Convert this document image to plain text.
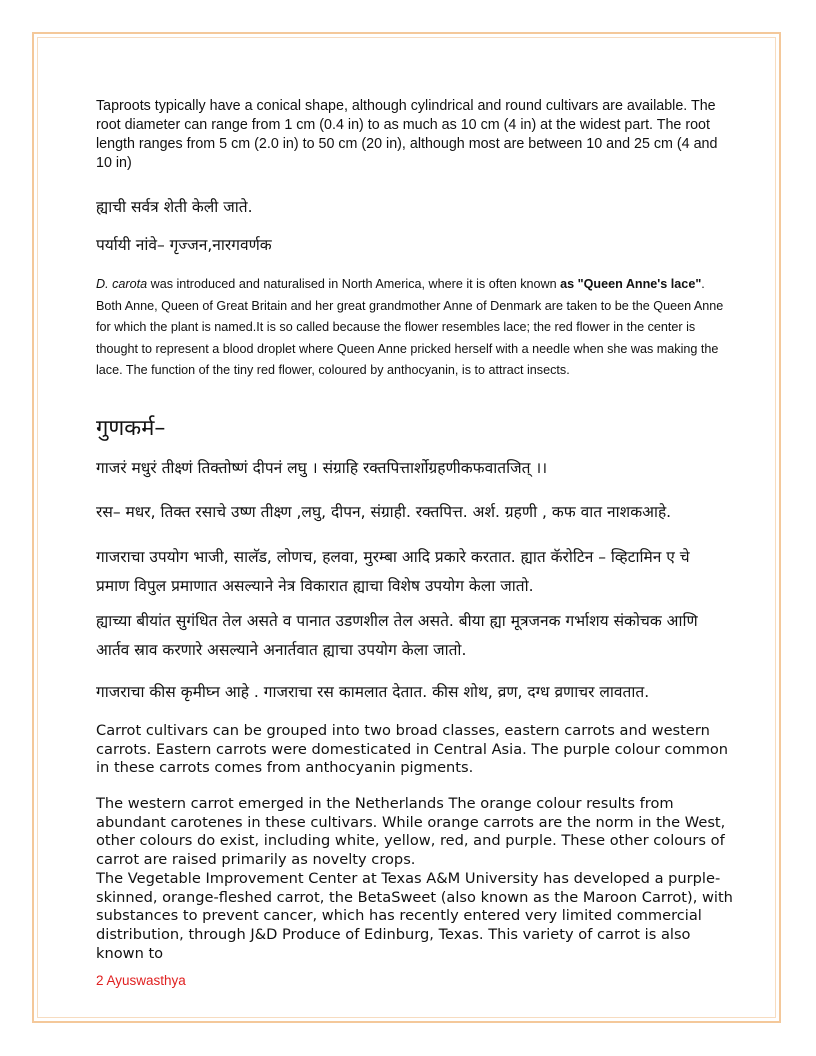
Taproots typically have a conical shape, although cylindrical and round cultivars are available. The root diameter can range from 1 cm (0.4 in) to as much as 10 cm (4 in) at the widest part. The root length ranges from 5 cm (2.0 in) to 50 cm (20 in), although most are between 10 and 25 cm (4 and 10 in)

ह्याची सर्वत्र शेती केली जाते.

पर्यायी नांवे– गृज्जन,नारगवर्णक

D. carota was introduced and naturalised in North America, where it is often known as "Queen Anne's lace". Both Anne, Queen of Great Britain and her great grandmother Anne of Denmark are taken to be the Queen Anne for which the plant is named.It is so called because the flower resembles lace; the red flower in the center is thought to represent a blood droplet where Queen Anne pricked herself with a needle when she was making the lace. The function of the tiny red flower, coloured by anthocyanin, is to attract insects.

गुणकर्म–

गाजरं मधुरं तीक्ष्णं तिक्तोष्णं दीपनं लघु । संग्राहि रक्तपित्तार्शोग्रहणीकफवातजित् ।।

रस– मधर, तिक्त रसाचे उष्ण तीक्ष्ण ,लघु, दीपन, संग्राही. रक्तपित्त. अर्श. ग्रहणी , कफ वात नाशकआहे.

गाजराचा उपयोग भाजी, सालॅड, लोणच, हलवा, मुरम्बा आदि प्रकारे करतात. ह्यात कॅरोटिन – व्हिटामिन ए चे प्रमाण विपुल प्रमाणात असल्याने नेत्र विकारात ह्याचा विशेष उपयोग केला जातो.

ह्याच्या बीयांत सुगंधित तेल असते व पानात उडणशील तेल असते. बीया ह्या मूत्रजनक गर्भाशय संकोचक आणि आर्तव स्राव करणारे असल्याने अनार्तवात ह्याचा उपयोग केला जातो.

गाजराचा कीस कृमीघ्न आहे . गाजराचा रस कामलात देतात. कीस शोथ, व्रण, दग्ध व्रणाचर लावतात.

Carrot cultivars can be grouped into two broad classes, eastern carrots and western carrots. Eastern carrots were domesticated in Central Asia. The purple colour common in these carrots comes from anthocyanin pigments.

The western carrot emerged in the Netherlands The orange colour results from abundant carotenes in these cultivars. While orange carrots are the norm in the West, other colours do exist, including white, yellow, red, and purple. These other colours of carrot are raised primarily as novelty crops.

The Vegetable Improvement Center at Texas A&M University has developed a purple-skinned, orange-fleshed carrot, the BetaSweet (also known as the Maroon Carrot), with substances to prevent cancer, which has recently entered very limited commercial distribution, through J&D Produce of Edinburg, Texas. This variety of carrot is also known to

2 Ayuswasthya
